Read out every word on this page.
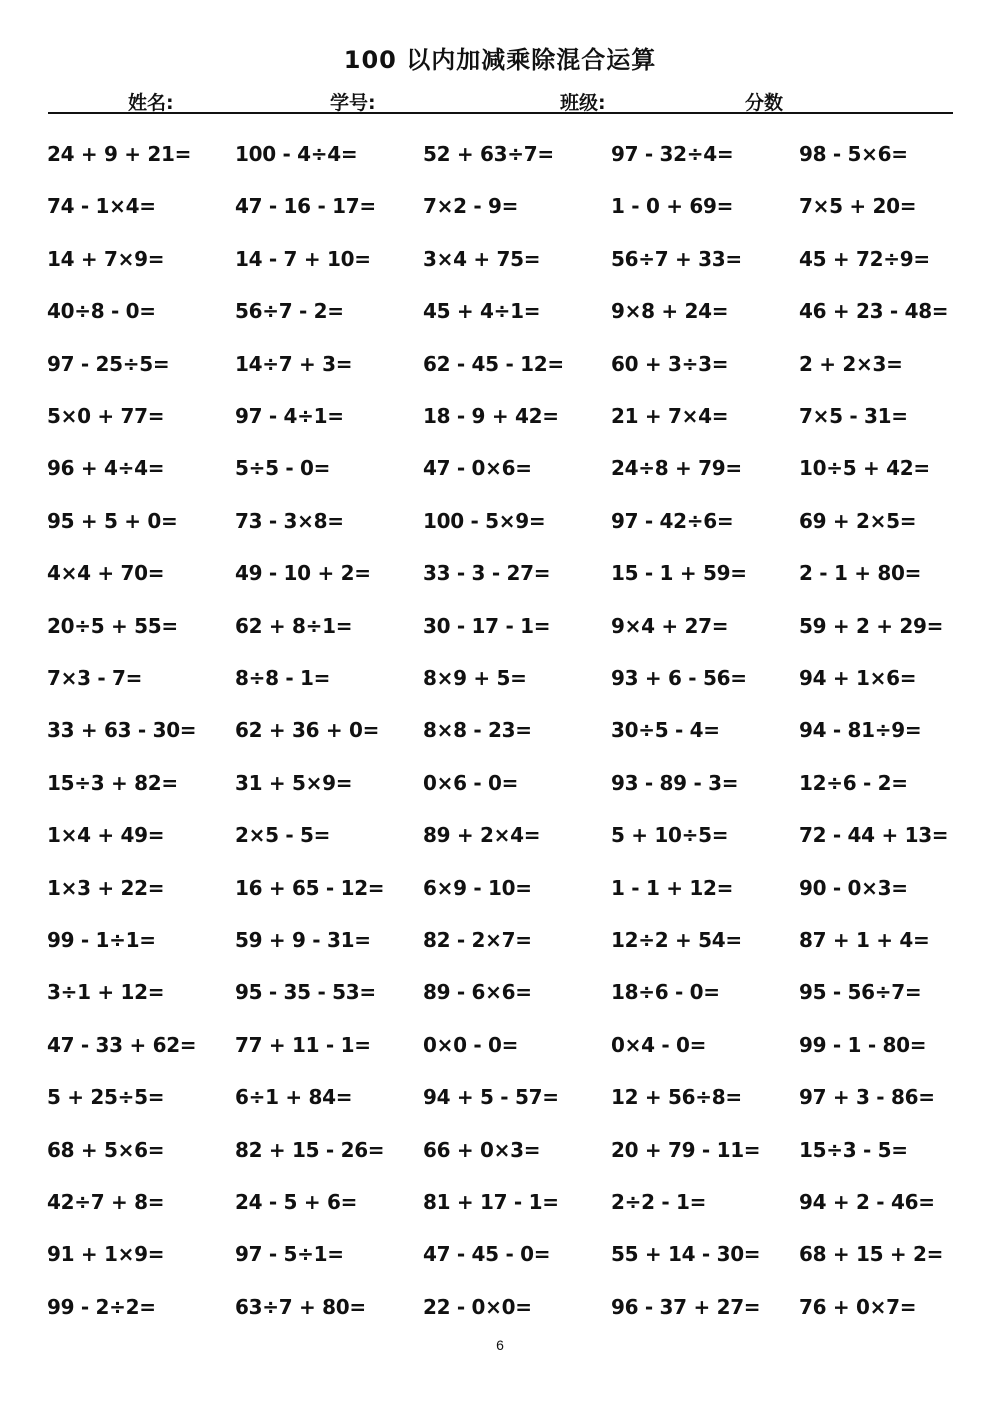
100 以内加减乘除混合运算
姓名:	学号:	班级:	分数
24 + 9 + 21= 100 - 4÷4=	52 + 63÷7=	97 - 32÷4=	98 - 5×6=
74 - 1×4=	47 - 16 - 17= 7×2 - 9=	1 - 0 + 69=	7×5 + 20=
14 + 7×9=	14 - 7 + 10=	3×4 + 75=	56÷7 + 33=	45 + 72÷9=
40÷8 - 0=	56÷7 - 2=	45 + 4÷1=	9×8 + 24=	46 + 23 - 48=
97 - 25÷5=	14÷7 + 3=	62 - 45 - 12= 60 + 3÷3=	2 + 2×3=
5×0 + 77=	97 - 4÷1=	18 - 9 + 42=	21 + 7×4=	7×5 - 31=
96 + 4÷4=	5÷5 - 0=	47 - 0×6=	24÷8 + 79=	10÷5 + 42=
95 + 5 + 0=	73 - 3×8=	100 - 5×9=	97 - 42÷6=	69 + 2×5=
4×4 + 70=	49 - 10 + 2=	33 - 3 - 27=	15 - 1 + 59=	2 - 1 + 80=
20÷5 + 55=	62 + 8÷1=	30 - 17 - 1=	9×4 + 27=	59 + 2 + 29=
7×3 - 7=	8÷8 - 1=	8×9 + 5=	93 + 6 - 56=	94 + 1×6=
33 + 63 - 30= 62 + 36 + 0= 8×8 - 23=	30÷5 - 4=	94 - 81÷9=
15÷3 + 82=	31 + 5×9=	0×6 - 0=	93 - 89 - 3=	12÷6 - 2=
1×4 + 49=	2×5 - 5=	89 + 2×4=	5 + 10÷5=	72 - 44 + 13=
1×3 + 22=	16 + 65 - 12= 6×9 - 10=	1 - 1 + 12=	90 - 0×3=
99 - 1÷1=	59 + 9 - 31=	82 - 2×7=	12÷2 + 54=	87 + 1 + 4=
3÷1 + 12=	95 - 35 - 53= 89 - 6×6=	18÷6 - 0=	95 - 56÷7=
47 - 33 + 62= 77 + 11 - 1=	0×0 - 0=	0×4 - 0=	99 - 1 - 80=
5 + 25÷5=	6÷1 + 84=	94 + 5 - 57=	12 + 56÷8=	97 + 3 - 86=
68 + 5×6=	82 + 15 - 26= 66 + 0×3=	20 + 79 - 11= 15÷3 - 5=
42÷7 + 8=	24 - 5 + 6=	81 + 17 - 1=	2÷2 - 1=	94 + 2 - 46=
91 + 1×9=	97 - 5÷1=	47 - 45 - 0=	55 + 14 - 30= 68 + 15 + 2=
99 - 2÷2=	63÷7 + 80=	22 - 0×0=	96 - 37 + 27= 76 + 0×7=
6
